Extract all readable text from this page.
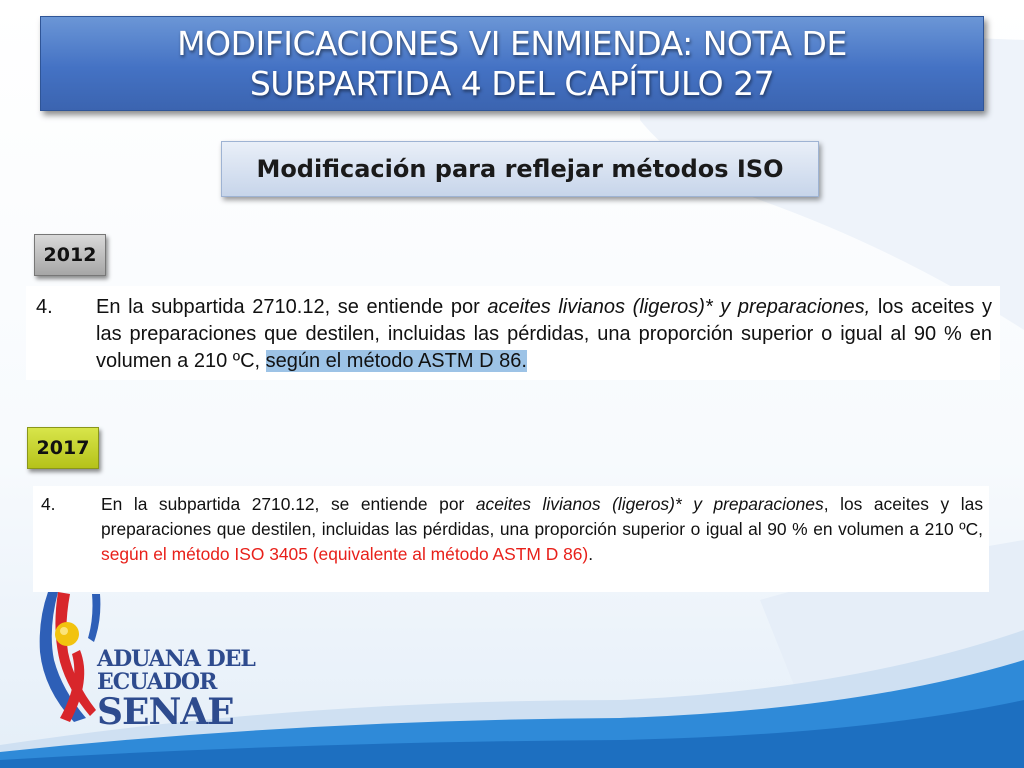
MODIFICACIONES VI ENMIENDA: NOTA DE
SUBPARTIDA 4 DEL CAPÍTULO 27
Modificación para reflejar métodos ISO
2012
4. En la subpartida 2710.12, se entiende por aceites livianos (ligeros)* y preparaciones, los aceites y las preparaciones que destilen, incluidas las pérdidas, una proporción superior o igual al 90 % en volumen a 210 ºC, según el método ASTM D 86.
2017
4.	En la subpartida 2710.12, se entiende por aceites livianos (ligeros)* y preparaciones, los aceites y las preparaciones que destilen, incluidas las pérdidas, una proporción superior o igual al 90 % en volumen a 210 ºC, según el método ISO 3405 (equivalente al método ASTM D 86).
ADUANA DEL
ECUADOR
SENAE
